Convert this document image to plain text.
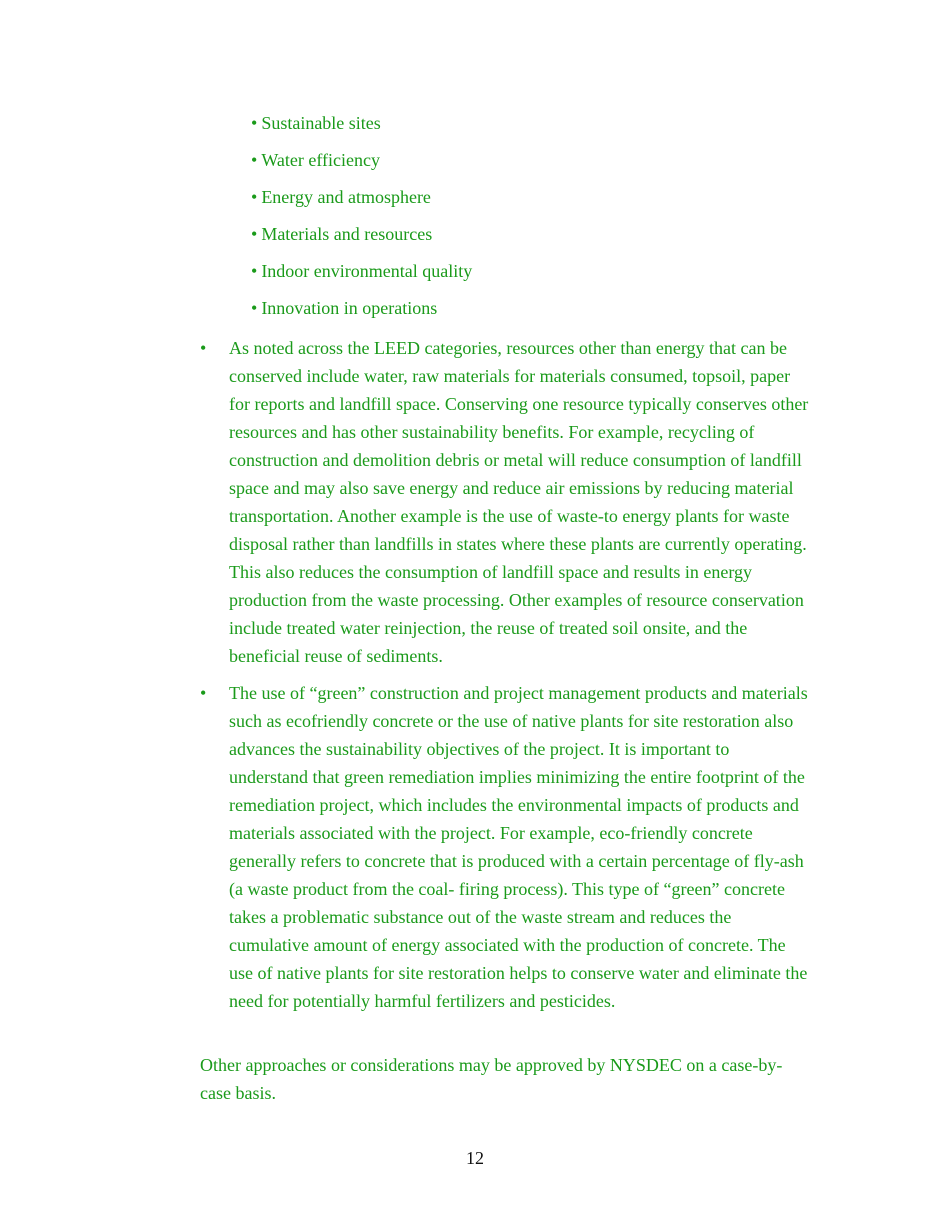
• Sustainable sites
• Water efficiency
• Energy and atmosphere
• Materials and resources
• Indoor environmental quality
• Innovation in operations
• As noted across the LEED categories, resources other than energy that can be conserved include water, raw materials for materials consumed, topsoil, paper for reports and landfill space. Conserving one resource typically conserves other resources and has other sustainability benefits. For example, recycling of construction and demolition debris or metal will reduce consumption of landfill space and may also save energy and reduce air emissions by reducing material transportation. Another example is the use of waste-to energy plants for waste disposal rather than landfills in states where these plants are currently operating. This also reduces the consumption of landfill space and results in energy production from the waste processing. Other examples of resource conservation include treated water reinjection, the reuse of treated soil onsite, and the beneficial reuse of sediments.
• The use of “green” construction and project management products and materials such as ecofriendly concrete or the use of native plants for site restoration also advances the sustainability objectives of the project. It is important to understand that green remediation implies minimizing the entire footprint of the remediation project, which includes the environmental impacts of products and materials associated with the project. For example, eco-friendly concrete generally refers to concrete that is produced with a certain percentage of fly-ash (a waste product from the coal- firing process). This type of “green” concrete takes a problematic substance out of the waste stream and reduces the cumulative amount of energy associated with the production of concrete. The use of native plants for site restoration helps to conserve water and eliminate the need for potentially harmful fertilizers and pesticides.

Other approaches or considerations may be approved by NYSDEC on a case-by-case basis.

12
